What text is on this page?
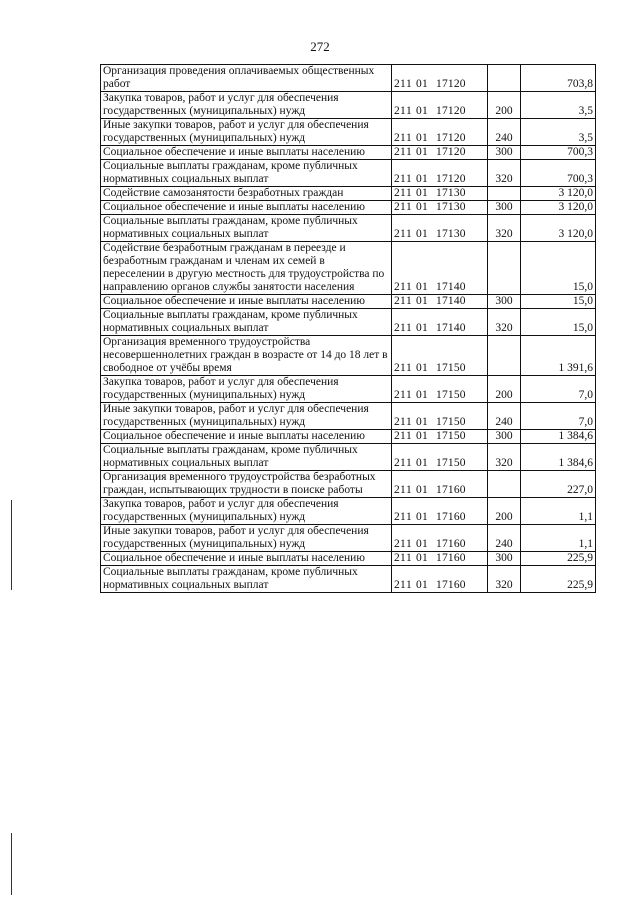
272
Организация проведения оплачиваемых общественных работ	211 01 17120		703,8
Закупка товаров, работ и услуг для обеспечения государственных (муниципальных) нужд	211 01 17120	200	3,5
Иные закупки товаров, работ и услуг для обеспечения государственных (муниципальных) нужд	211 01 17120	240	3,5
Социальное обеспечение и иные выплаты населению	211 01 17120	300	700,3
Социальные выплаты гражданам, кроме публичных нормативных социальных выплат	211 01 17120	320	700,3
Содействие самозанятости безработных граждан	211 01 17130		3 120,0
Социальное обеспечение и иные выплаты населению	211 01 17130	300	3 120,0
Социальные выплаты гражданам, кроме публичных нормативных социальных выплат	211 01 17130	320	3 120,0
Содействие безработным гражданам в переезде и безработным гражданам и членам их семей в переселении в другую местность для трудоустройства по направлению органов службы занятости населения	211 01 17140		15,0
Социальное обеспечение и иные выплаты населению	211 01 17140	300	15,0
Социальные выплаты гражданам, кроме публичных нормативных социальных выплат	211 01 17140	320	15,0
Организация временного трудоустройства несовершеннолетних граждан в возрасте от 14 до 18 лет в свободное от учёбы время	211 01 17150		1 391,6
Закупка товаров, работ и услуг для обеспечения государственных (муниципальных) нужд	211 01 17150	200	7,0
Иные закупки товаров, работ и услуг для обеспечения государственных (муниципальных) нужд	211 01 17150	240	7,0
Социальное обеспечение и иные выплаты населению	211 01 17150	300	1 384,6
Социальные выплаты гражданам, кроме публичных нормативных социальных выплат	211 01 17150	320	1 384,6
Организация временного трудоустройства безработных граждан, испытывающих трудности в поиске работы	211 01 17160		227,0
Закупка товаров, работ и услуг для обеспечения государственных (муниципальных) нужд	211 01 17160	200	1,1
Иные закупки товаров, работ и услуг для обеспечения государственных (муниципальных) нужд	211 01 17160	240	1,1
Социальное обеспечение и иные выплаты населению	211 01 17160	300	225,9
Социальные выплаты гражданам, кроме публичных нормативных социальных выплат	211 01 17160	320	225,9
